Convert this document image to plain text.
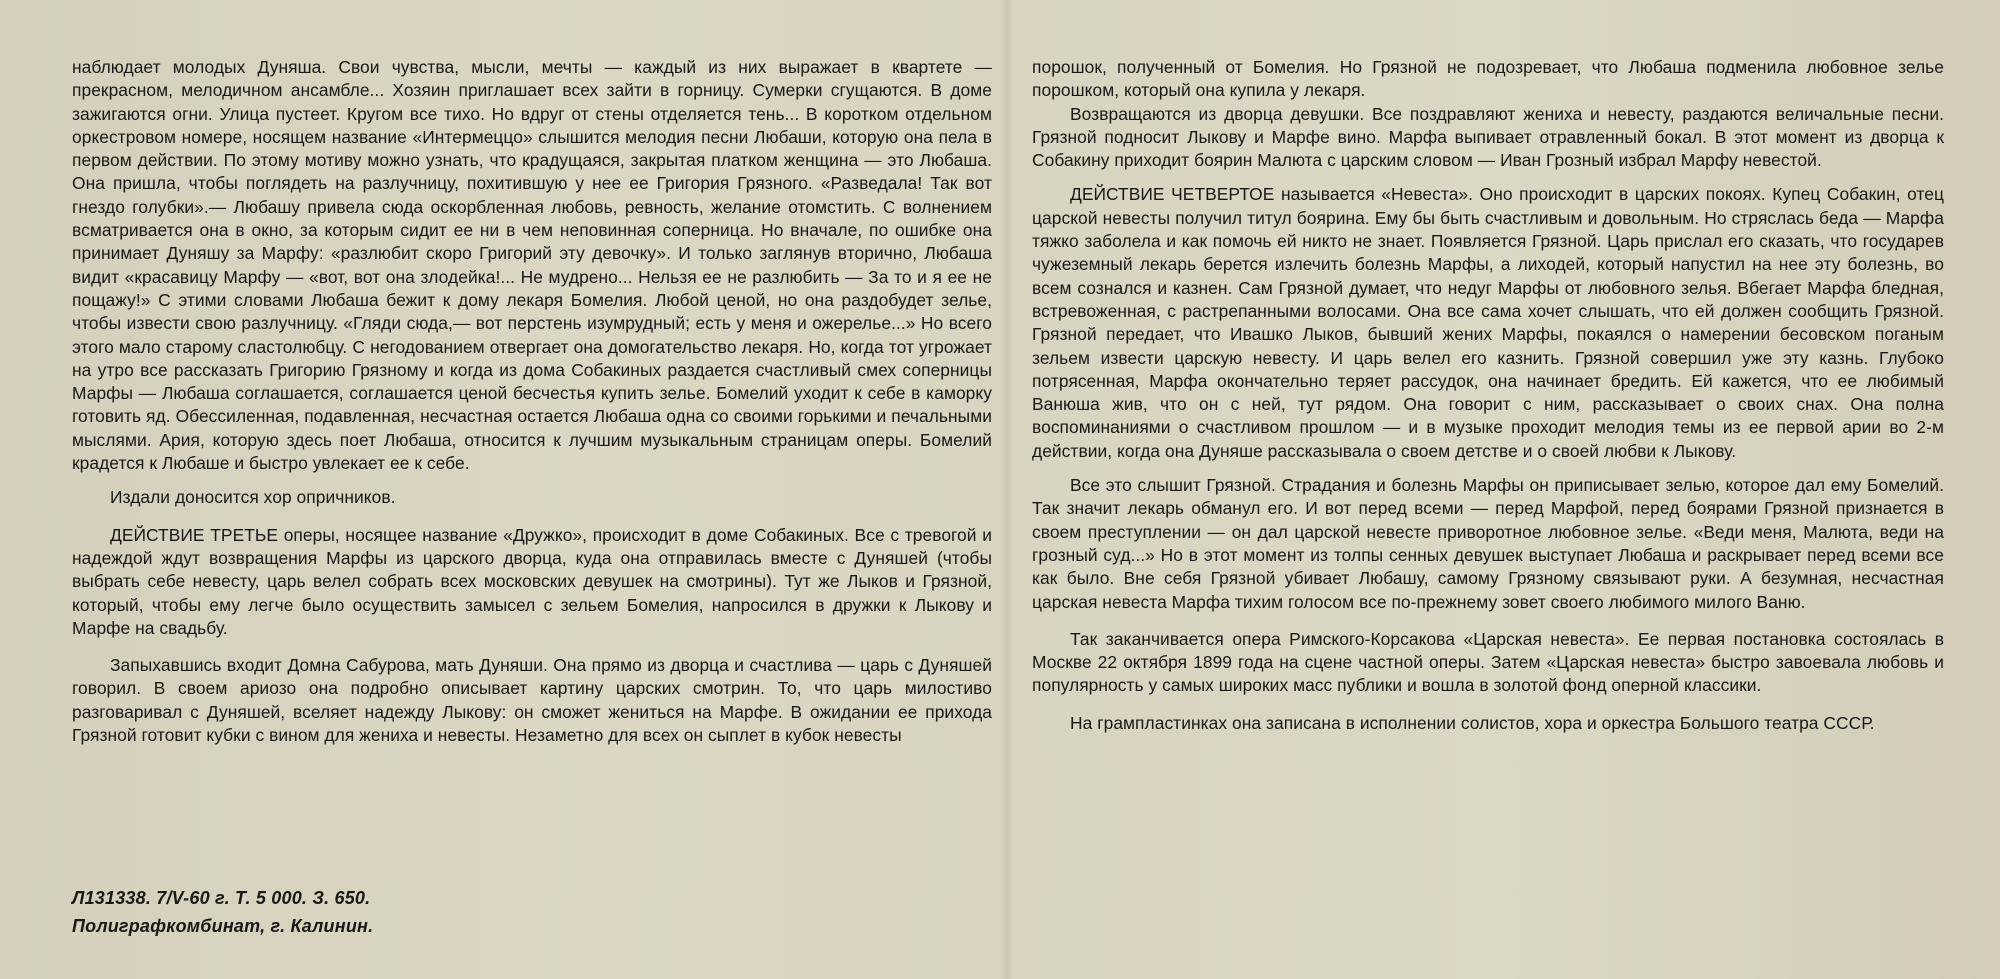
наблюдает молодых Дуняша. Свои чувства, мысли, мечты — каждый из них выражает в квартете — прекрасном, мелодичном ансамбле... Хозяин приглашает всех зайти в горницу. Сумерки сгущаются. В доме зажигаются огни. Улица пустеет. Кругом все тихо. Но вдруг от стены отделяется тень... В коротком отдельном оркестровом номере, носящем название «Интермеццо» слышится мелодия песни Любаши, которую она пела в первом действии. По этому мотиву можно узнать, что крадущаяся, закрытая платком женщина — это Любаша. Она пришла, чтобы поглядеть на разлучницу, похитившую у нее ее Григория Грязного. «Разведала! Так вот гнездо голубки».— Любашу привела сюда оскорбленная любовь, ревность, желание отомстить. С волнением всматривается она в окно, за которым сидит ее ни в чем неповинная соперница. Но вначале, по ошибке она принимает Дуняшу за Марфу: «разлюбит скоро Григорий эту девочку». И только заглянув вторично, Любаша видит «красавицу Марфу — «вот, вот она злодейка!... Не мудрено... Нельзя ее не разлюбить — За то и я ее не пощажу!» С этими словами Любаша бежит к дому лекаря Бомелия. Любой ценой, но она раздобудет зелье, чтобы извести свою разлучницу. «Гляди сюда,— вот перстень изумрудный; есть у меня и ожерелье...» Но всего этого мало старому сластолюбцу. С негодованием отвергает она домогательство лекаря. Но, когда тот угрожает на утро все рассказать Григорию Грязному и когда из дома Собакиных раздается счастливый смех соперницы Марфы — Любаша соглашается, соглашается ценой бесчестья купить зелье. Бомелий уходит к себе в каморку готовить яд. Обессиленная, подавленная, несчастная остается Любаша одна со своими горькими и печальными мыслями. Ария, которую здесь поет Любаша, относится к лучшим музыкальным страницам оперы. Бомелий крадется к Любаше и быстро увлекает ее к себе.

Издали доносится хор опричников.

ДЕЙСТВИЕ ТРЕТЬЕ оперы, носящее название «Дружко», происходит в доме Собакиных. Все с тревогой и надеждой ждут возвращения Марфы из царского дворца, куда она отправилась вместе с Дуняшей (чтобы выбрать себе невесту, царь велел собрать всех московских девушек на смотрины). Тут же Лыков и Грязной, который, чтобы ему легче было осуществить замысел с зельем Бомелия, напросился в дружки к Лыкову и Марфе на свадьбу.

Запыхавшись входит Домна Сабурова, мать Дуняши. Она прямо из дворца и счастлива — царь с Дуняшей говорил. В своем ариозо она подробно описывает картину царских смотрин. То, что царь милостиво разговаривал с Дуняшей, вселяет надежду Лыкову: он сможет жениться на Марфе. В ожидании ее прихода Грязной готовит кубки с вином для жениха и невесты. Незаметно для всех он сыплет в кубок невесты

порошок, полученный от Бомелия. Но Грязной не подозревает, что Любаша подменила любовное зелье порошком, который она купила у лекаря.

Возвращаются из дворца девушки. Все поздравляют жениха и невесту, раздаются величальные песни. Грязной подносит Лыкову и Марфе вино. Марфа выпивает отравленный бокал. В этот момент из дворца к Собакину приходит боярин Малюта с царским словом — Иван Грозный избрал Марфу невестой.

ДЕЙСТВИЕ ЧЕТВЕРТОЕ называется «Невеста». Оно происходит в царских покоях. Купец Собакин, отец царской невесты получил титул боярина. Ему бы быть счастливым и довольным. Но стряслась беда — Марфа тяжко заболела и как помочь ей никто не знает. Появляется Грязной. Царь прислал его сказать, что государев чужеземный лекарь берется излечить болезнь Марфы, а лиходей, который напустил на нее эту болезнь, во всем сознался и казнен. Сам Грязной думает, что недуг Марфы от любовного зелья. Вбегает Марфа бледная, встревоженная, с растрепанными волосами. Она все сама хочет слышать, что ей должен сообщить Грязной. Грязной передает, что Ивашко Лыков, бывший жених Марфы, покаялся о намерении бесовском поганым зельем извести царскую невесту. И царь велел его казнить. Грязной совершил уже эту казнь. Глубоко потрясенная, Марфа окончательно теряет рассудок, она начинает бредить. Ей кажется, что ее любимый Ванюша жив, что он с ней, тут рядом. Она говорит с ним, рассказывает о своих снах. Она полна воспоминаниями о счастливом прошлом — и в музыке проходит мелодия темы из ее первой арии во 2-м действии, когда она Дуняше рассказывала о своем детстве и о своей любви к Лыкову.

Все это слышит Грязной. Страдания и болезнь Марфы он приписывает зелью, которое дал ему Бомелий. Так значит лекарь обманул его. И вот перед всеми — перед Марфой, перед боярами Грязной признается в своем преступлении — он дал царской невесте приворотное любовное зелье. «Веди меня, Малюта, веди на грозный суд...» Но в этот момент из толпы сенных девушек выступает Любаша и раскрывает перед всеми все как было. Вне себя Грязной убивает Любашу, самому Грязному связывают руки. А безумная, несчастная царская невеста Марфа тихим голосом все по-прежнему зовет своего любимого милого Ваню.

Так заканчивается опера Римского-Корсакова «Царская невеста». Ее первая постановка состоялась в Москве 22 октября 1899 года на сцене частной оперы. Затем «Царская невеста» быстро завоевала любовь и популярность у самых широких масс публики и вошла в золотой фонд оперной классики.

На грампластинках она записана в исполнении солистов, хора и оркестра Большого театра СССР.

Л131338. 7/V-60 г. Т. 5 000. З. 650.
Полиграфкомбинат, г. Калинин.
